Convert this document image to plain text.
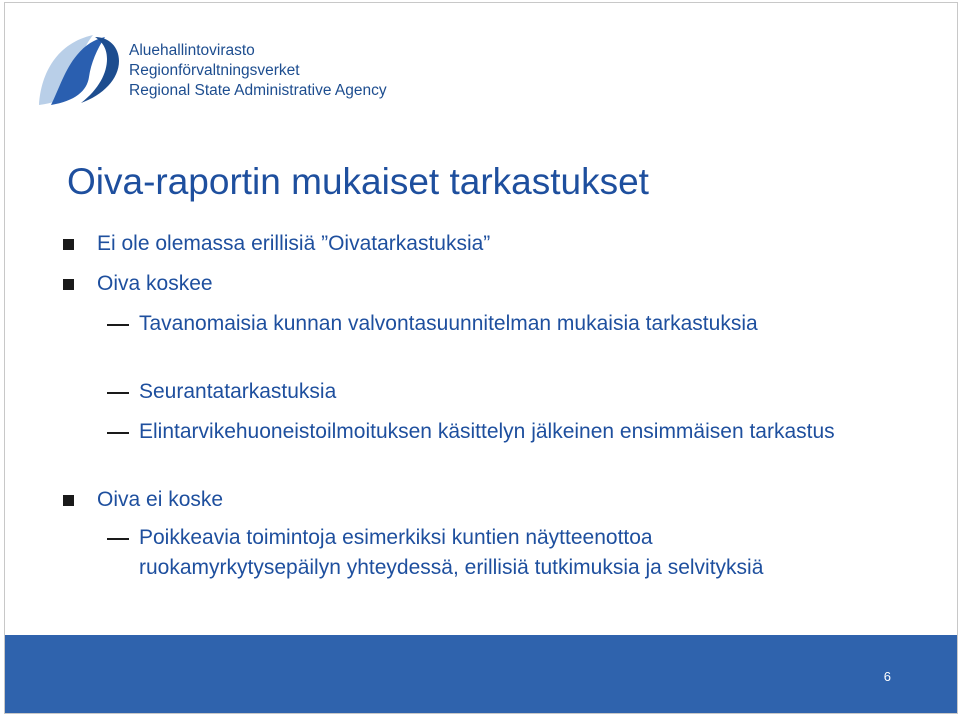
Aluehallintovirasto
Regionförvaltningsverket
Regional State Administrative Agency
Oiva-raportin mukaiset tarkastukset
Ei ole olemassa erillisiä ”Oivatarkastuksia”
Oiva koskee
Tavanomaisia kunnan valvontasuunnitelman mukaisia tarkastuksia
Seurantatarkastuksia
Elintarvikehuoneistoilmoituksen käsittelyn jälkeinen ensimmäisen tarkastus
Oiva ei koske
Poikkeavia toimintoja esimerkiksi kuntien näytteenottoa ruokamyrkytysepäilyn yhteydessä, erillisiä tutkimuksia ja selvityksiä
6
